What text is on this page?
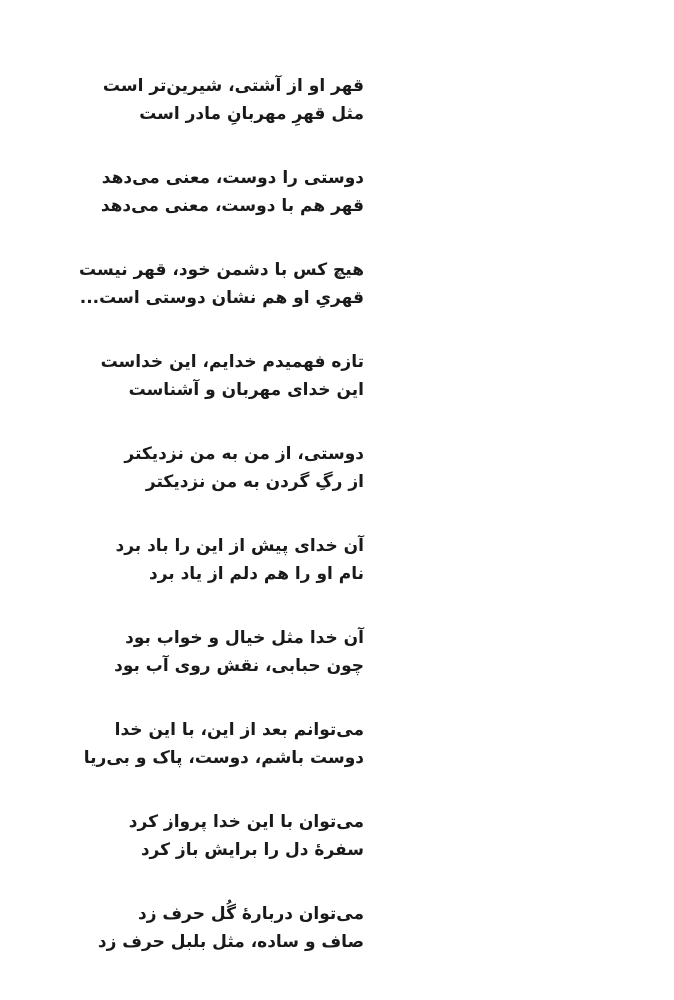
قهر او از آشتی، شیرین‌تر است
مثل قهرِ مهربانِ مادر است
دوستی را دوست، معنی می‌دهد
قهر هم با دوست، معنی می‌دهد
هیچ کس با دشمن خود، قهر نیست
قهریِ او هم نشان دوستی است...
تازه فهمیدم خدایم، این خداست
این خدای مهربان و آشناست
دوستی، از من به من نزدیکتر
از رگِ گردن به من نزدیکتر
آن خدای پیش از این را باد برد
نام او را هم دلم از یاد برد
آن خدا مثل خیال و خواب بود
چون حبابی، نقش روی آب بود
می‌توانم بعد از این، با این خدا
دوست باشم، دوست، پاک و بی‌ریا
می‌توان با این خدا پرواز کرد
سفرهٔ دل را برایش باز کرد
می‌توان دربارهٔ گُل حرف زد
صاف و ساده، مثل بلبل حرف زد
